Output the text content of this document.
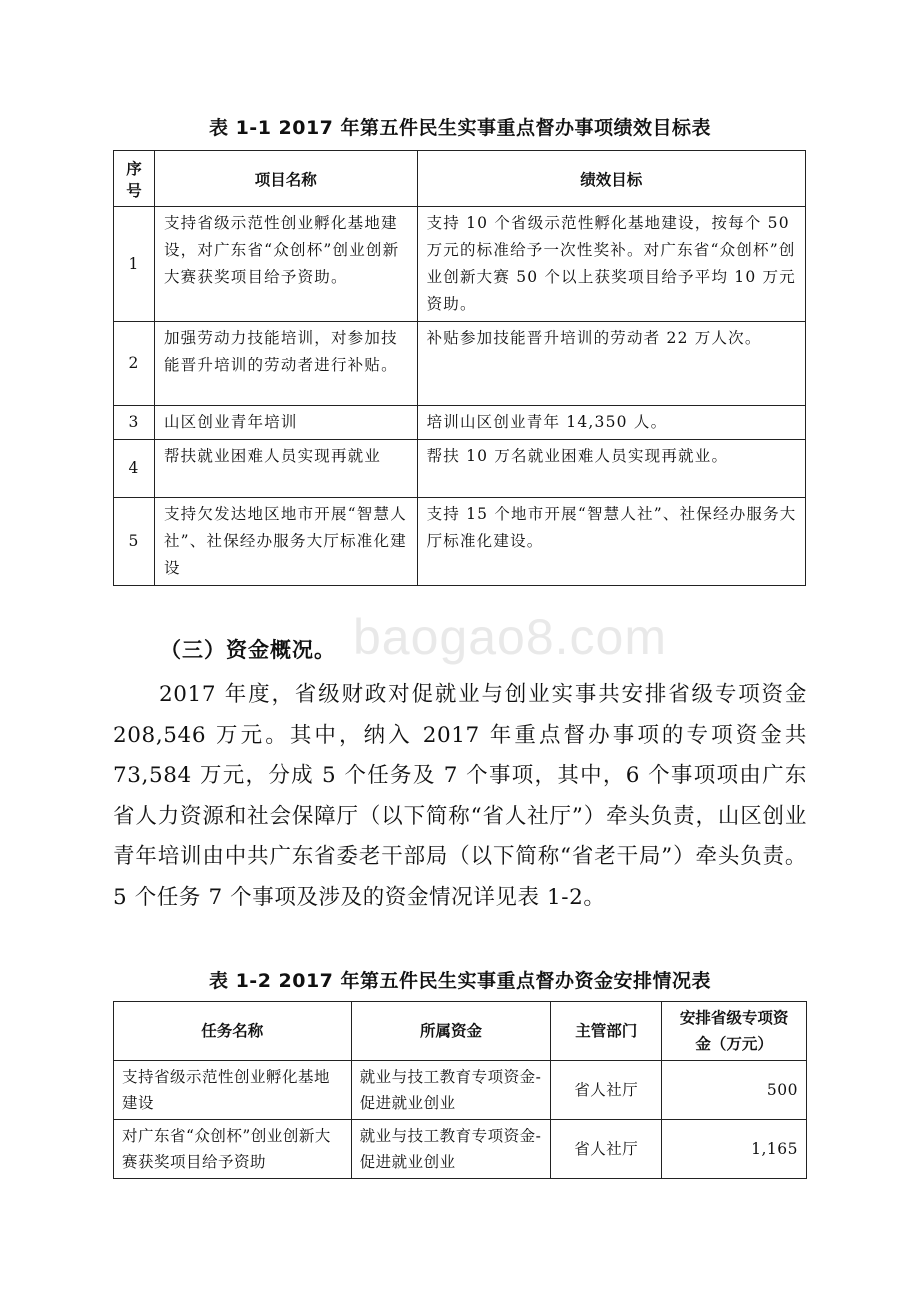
表 1-1 2017 年第五件民生实事重点督办事项绩效目标表
序号	项目名称	绩效目标
1	支持省级示范性创业孵化基地建设，对广东省“众创杯”创业创新大赛获奖项目给予资助。	支持 10 个省级示范性孵化基地建设，按每个 50 万元的标准给予一次性奖补。对广东省“众创杯”创业创新大赛 50 个以上获奖项目给予平均 10 万元资助。
2	加强劳动力技能培训，对参加技能晋升培训的劳动者进行补贴。	补贴参加技能晋升培训的劳动者 22 万人次。
3	山区创业青年培训	培训山区创业青年 14,350 人。
4	帮扶就业困难人员实现再就业	帮扶 10 万名就业困难人员实现再就业。
5	支持欠发达地区地市开展“智慧人社”、社保经办服务大厅标准化建设	支持 15 个地市开展“智慧人社”、社保经办服务大厅标准化建设。
baogao8.com
（三）资金概况。
2017 年度，省级财政对促就业与创业实事共安排省级专项资金 208,546 万元。其中，纳入 2017 年重点督办事项的专项资金共 73,584 万元，分成 5 个任务及 7 个事项，其中，6 个事项项由广东省人力资源和社会保障厅（以下简称“省人社厅”）牵头负责，山区创业青年培训由中共广东省委老干部局（以下简称“省老干局”）牵头负责。5 个任务 7 个事项及涉及的资金情况详见表 1-2。
表 1-2 2017 年第五件民生实事重点督办资金安排情况表
任务名称	所属资金	主管部门	安排省级专项资金（万元）
支持省级示范性创业孵化基地建设	就业与技工教育专项资金-促进就业创业	省人社厅	500
对广东省“众创杯”创业创新大赛获奖项目给予资助	就业与技工教育专项资金-促进就业创业	省人社厅	1,165
